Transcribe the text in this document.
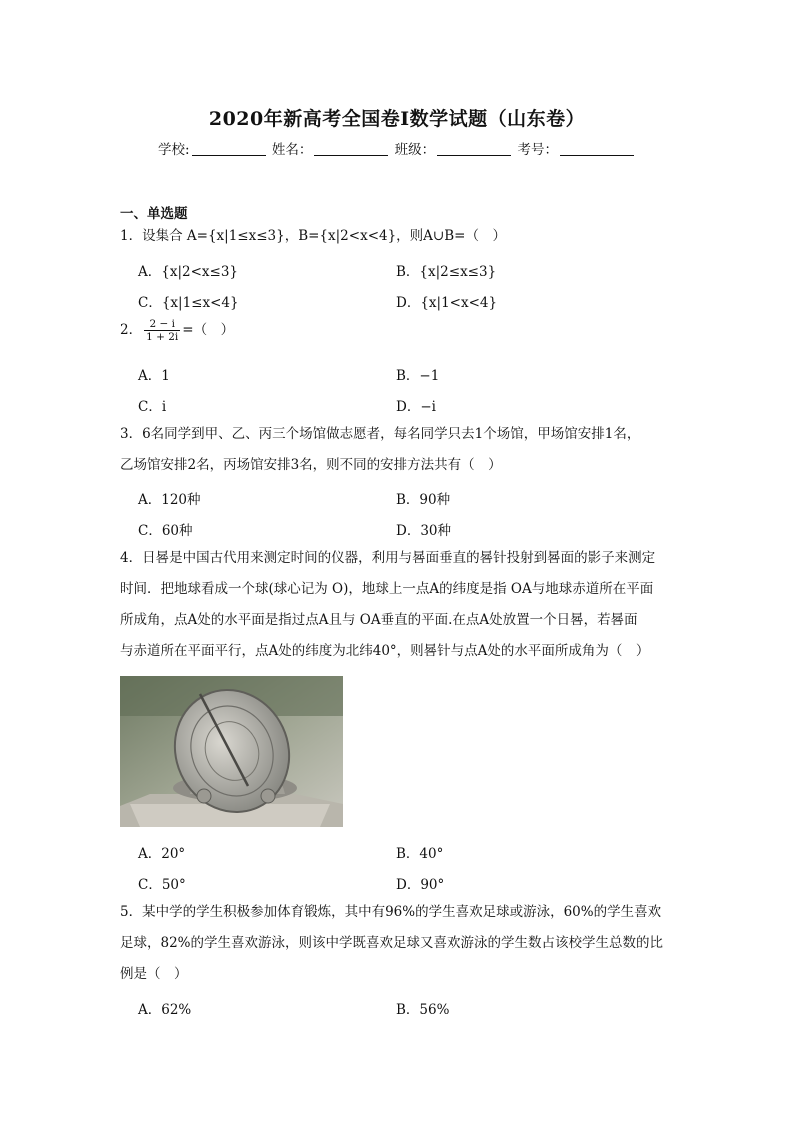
2020年新高考全国卷Ⅰ数学试题（山东卷）
学校:	姓名：	班级：	考号：
一、单选题
1．设集合 A={x|1≤x≤3}，B={x|2<x<4}，则A∪B=（　）
A．{x|2<x≤3}	B．{x|2≤x≤3}
C．{x|1≤x<4}	D．{x|1<x<4}
2． $\frac{2 - i}{1 + 2i}$ =（　）
A．1	B．−1
C．i	D．−i
3．6名同学到甲、乙、丙三个场馆做志愿者，每名同学只去1个场馆，甲场馆安排1名，
乙场馆安排2名，丙场馆安排3名，则不同的安排方法共有（　）
A．120种	B．90种
C．60种	D．30种
4．日晷是中国古代用来测定时间的仪器，利用与晷面垂直的晷针投射到晷面的影子来测定
时间．把地球看成一个球(球心记为 O)，地球上一点A的纬度是指 OA与地球赤道所在平面
所成角，点A处的水平面是指过点A且与 OA垂直的平面.在点A处放置一个日晷，若晷面
与赤道所在平面平行，点A处的纬度为北纬40°，则晷针与点A处的水平面所成角为（　）
A．20°	B．40°
C．50°	D．90°
5．某中学的学生积极参加体育锻炼，其中有96%的学生喜欢足球或游泳，60%的学生喜欢
足球，82%的学生喜欢游泳，则该中学既喜欢足球又喜欢游泳的学生数占该校学生总数的比
例是（　）
A．62%	B．56%
